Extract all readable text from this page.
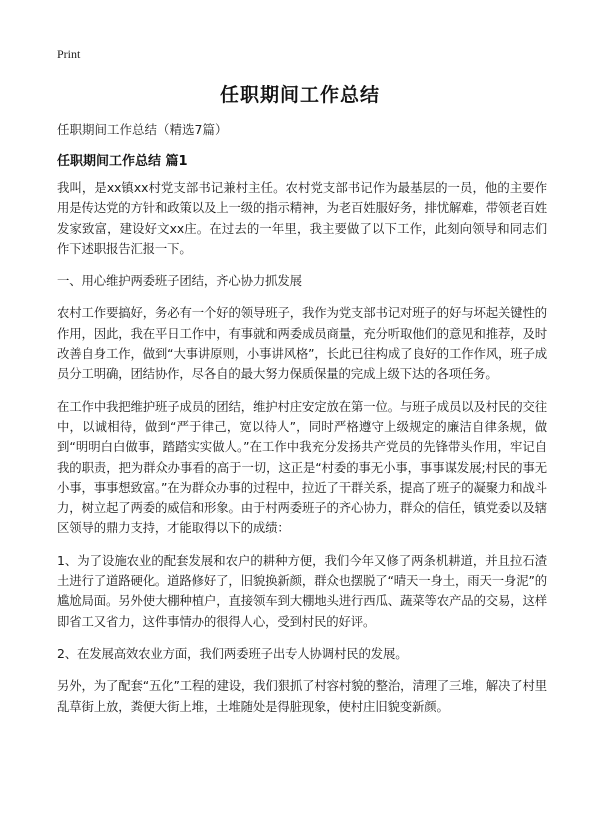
Print
任职期间工作总结
任职期间工作总结（精选7篇）
任职期间工作总结 篇1

我叫，是xx镇xx村党支部书记兼村主任。农村党支部书记作为最基层的一员，他的主要作用是传达党的方针和政策以及上一级的指示精神，为老百姓服好务，排忧解难，带领老百姓发家致富，建设好文xx庄。在过去的一年里，我主要做了以下工作，此刻向领导和同志们作下述职报告汇报一下。

一、用心维护两委班子团结，齐心协力抓发展

农村工作要搞好，务必有一个好的领导班子，我作为党支部书记对班子的好与坏起关键性的作用，因此，我在平日工作中，有事就和两委成员商量，充分听取他们的意见和推荐，及时改善自身工作，做到“大事讲原则，小事讲风格”，长此已往构成了良好的工作作风，班子成员分工明确，团结协作，尽各自的最大努力保质保量的完成上级下达的各项任务。

在工作中我把维护班子成员的团结，维护村庄安定放在第一位。与班子成员以及村民的交往中，以诚相待，做到“严于律己，宽以待人”，同时严格遵守上级规定的廉洁自律条规，做到“明明白白做事，踏踏实实做人。”在工作中我充分发扬共产党员的先锋带头作用，牢记自我的职责，把为群众办事看的高于一切，这正是“村委的事无小事，事事谋发展;村民的事无小事，事事想致富。”在为群众办事的过程中，拉近了干群关系，提高了班子的凝聚力和战斗力，树立起了两委的威信和形象。由于村两委班子的齐心协力，群众的信任，镇党委以及辖区领导的鼎力支持，才能取得以下的成绩：

1、为了设施农业的配套发展和农户的耕种方便，我们今年又修了两条机耕道，并且拉石渣土进行了道路硬化。道路修好了，旧貌换新颜，群众也摆脱了“晴天一身土，雨天一身泥”的尴尬局面。另外使大棚种植户，直接领车到大棚地头进行西瓜、蔬菜等农产品的交易，这样即省工又省力，这件事情办的很得人心，受到村民的好评。

2、在发展高效农业方面，我们两委班子出专人协调村民的发展。

另外，为了配套“五化”工程的建设，我们狠抓了村容村貌的整治，清理了三堆，解决了村里乱草街上放，粪便大街上堆，土堆随处是得脏现象，使村庄旧貌变新颜。
